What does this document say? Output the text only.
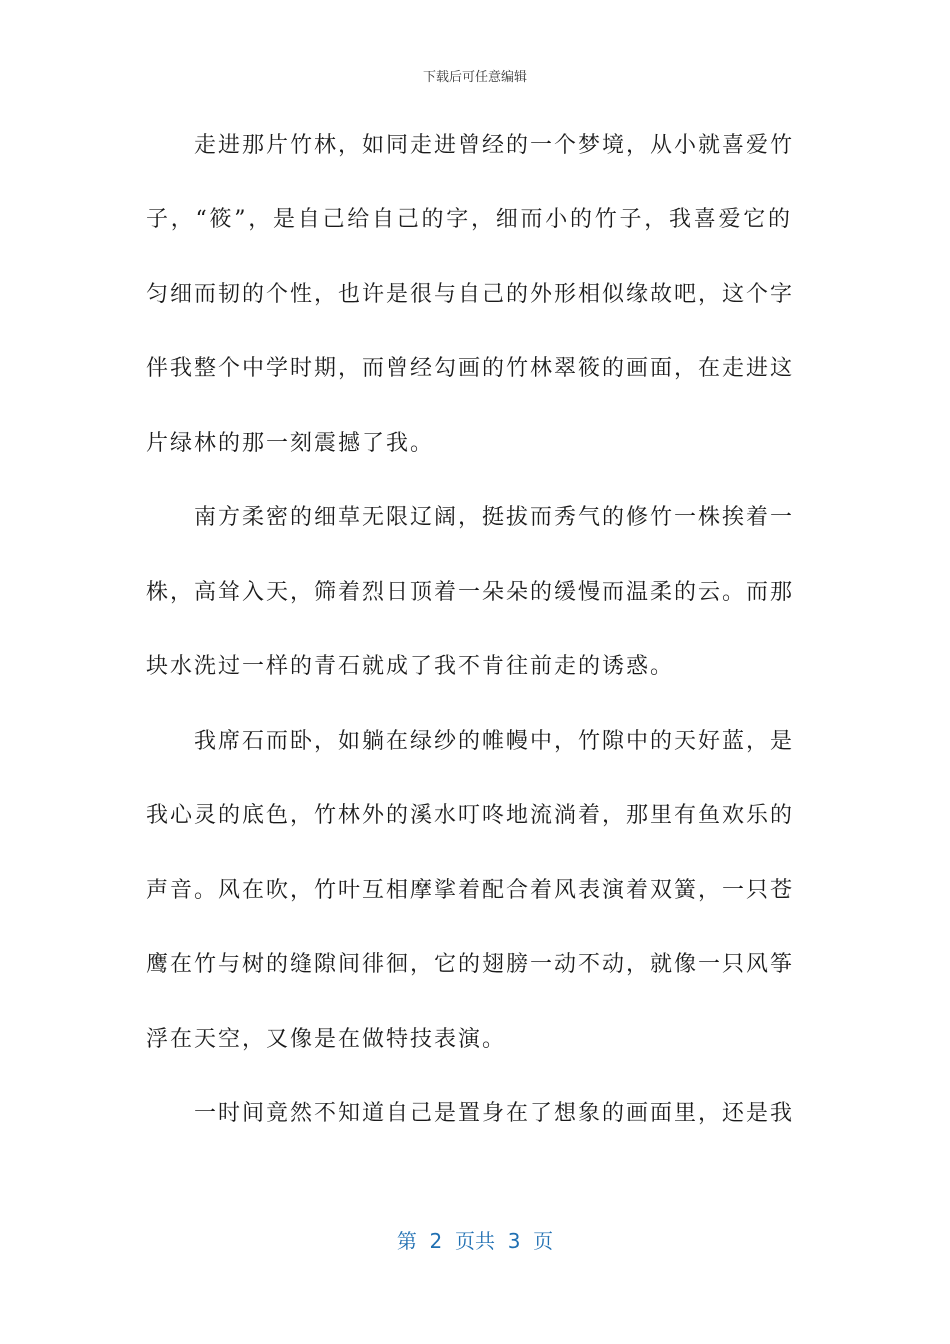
下载后可任意编辑
走进那片竹林，如同走进曾经的一个梦境，从小就喜爱竹
子，“筱”，是自己给自己的字，细而小的竹子，我喜爱它的
匀细而韧的个性，也许是很与自己的外形相似缘故吧，这个字
伴我整个中学时期，而曾经勾画的竹林翠筱的画面，在走进这
片绿林的那一刻震撼了我。
南方柔密的细草无限辽阔，挺拔而秀气的修竹一株挨着一
株，高耸入天，筛着烈日顶着一朵朵的缓慢而温柔的云。而那
块水洗过一样的青石就成了我不肯往前走的诱惑。
我席石而卧，如躺在绿纱的帷幔中，竹隙中的天好蓝，是
我心灵的底色，竹林外的溪水叮咚地流淌着，那里有鱼欢乐的
声音。风在吹，竹叶互相摩挲着配合着风表演着双簧，一只苍
鹰在竹与树的缝隙间徘徊，它的翅膀一动不动，就像一只风筝
浮在天空，又像是在做特技表演。
一时间竟然不知道自己是置身在了想象的画面里，还是我
第  2  页共  3  页
